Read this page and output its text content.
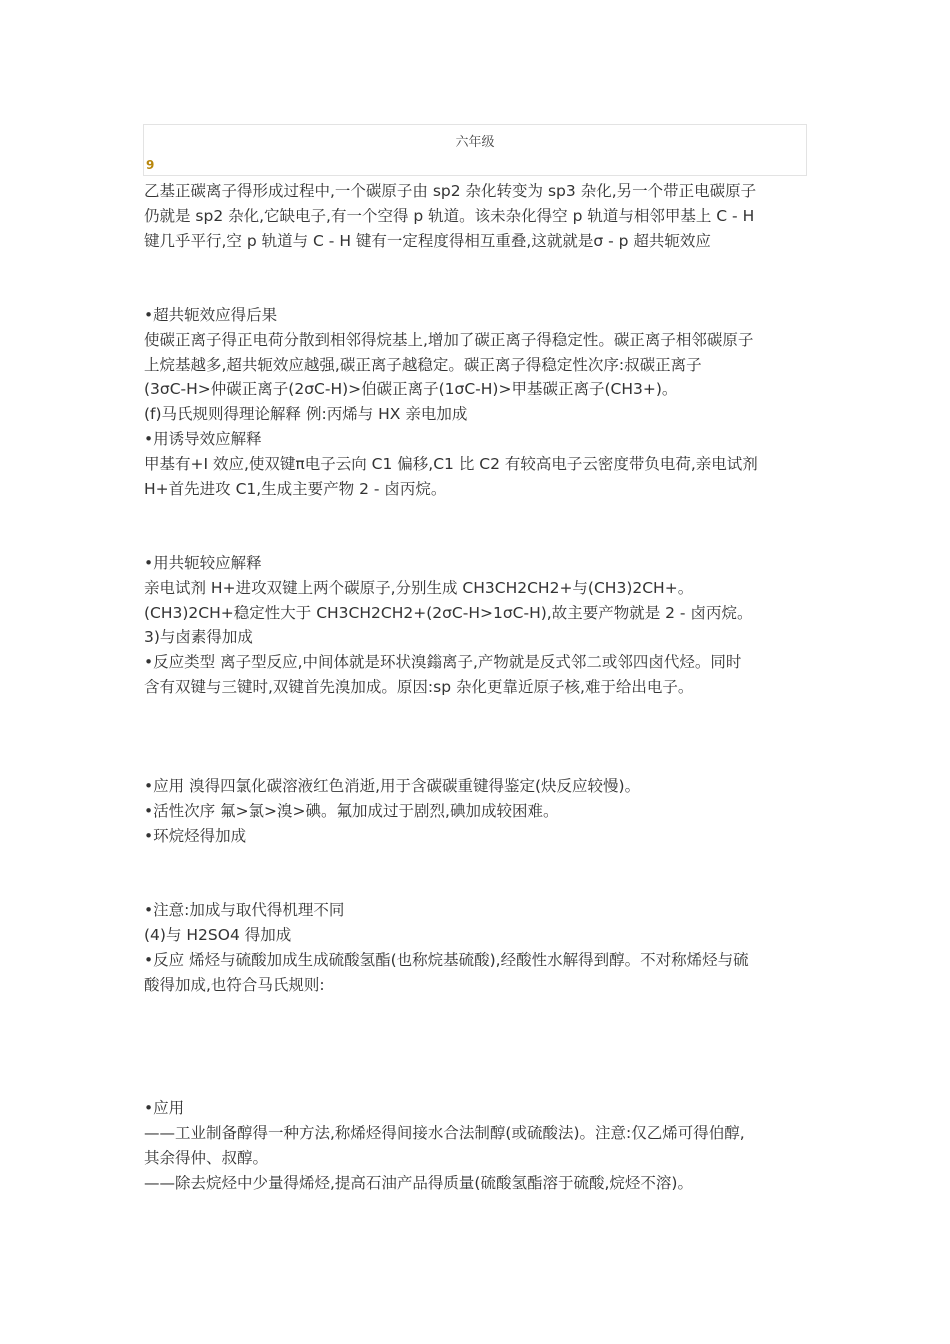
六年级
9
乙基正碳离子得形成过程中,一个碳原子由 sp2 杂化转变为 sp3 杂化,另一个带正电碳原子
仍就是 sp2 杂化,它缺电子,有一个空得 p 轨道。该未杂化得空 p 轨道与相邻甲基上 C - H
键几乎平行,空 p 轨道与 C - H 键有一定程度得相互重叠,这就就是σ - p 超共轭效应
•超共轭效应得后果
使碳正离子得正电荷分散到相邻得烷基上,增加了碳正离子得稳定性。碳正离子相邻碳原子
上烷基越多,超共轭效应越强,碳正离子越稳定。碳正离子得稳定性次序:叔碳正离子
(3σC-H>仲碳正离子(2σC-H)>伯碳正离子(1σC-H)>甲基碳正离子(CH3+)。
(f)马氏规则得理论解释 例:丙烯与 HX 亲电加成
•用诱导效应解释
甲基有+I 效应,使双键π电子云向 C1 偏移,C1 比 C2 有较高电子云密度带负电荷,亲电试剂
H+首先进攻 C1,生成主要产物 2 - 卤丙烷。
•用共轭较应解释
亲电试剂 H+进攻双键上两个碳原子,分别生成 CH3CH2CH2+与(CH3)2CH+。
(CH3)2CH+稳定性大于 CH3CH2CH2+(2σC-H>1σC-H),故主要产物就是 2 - 卤丙烷。
3)与卤素得加成
•反应类型 离子型反应,中间体就是环状溴鎓离子,产物就是反式邻二或邻四卤代烃。同时
含有双键与三键时,双键首先溴加成。原因:sp 杂化更靠近原子核,难于给出电子。
•应用 溴得四氯化碳溶液红色消逝,用于含碳碳重键得鉴定(炔反应较慢)。
•活性次序 氟>氯>溴>碘。氟加成过于剧烈,碘加成较困难。
•环烷烃得加成
•注意:加成与取代得机理不同
(4)与 H2SO4 得加成
•反应 烯烃与硫酸加成生成硫酸氢酯(也称烷基硫酸),经酸性水解得到醇。不对称烯烃与硫
酸得加成,也符合马氏规则:
•应用
——工业制备醇得一种方法,称烯烃得间接水合法制醇(或硫酸法)。注意:仅乙烯可得伯醇,
其余得仲、叔醇。
——除去烷烃中少量得烯烃,提高石油产品得质量(硫酸氢酯溶于硫酸,烷烃不溶)。
